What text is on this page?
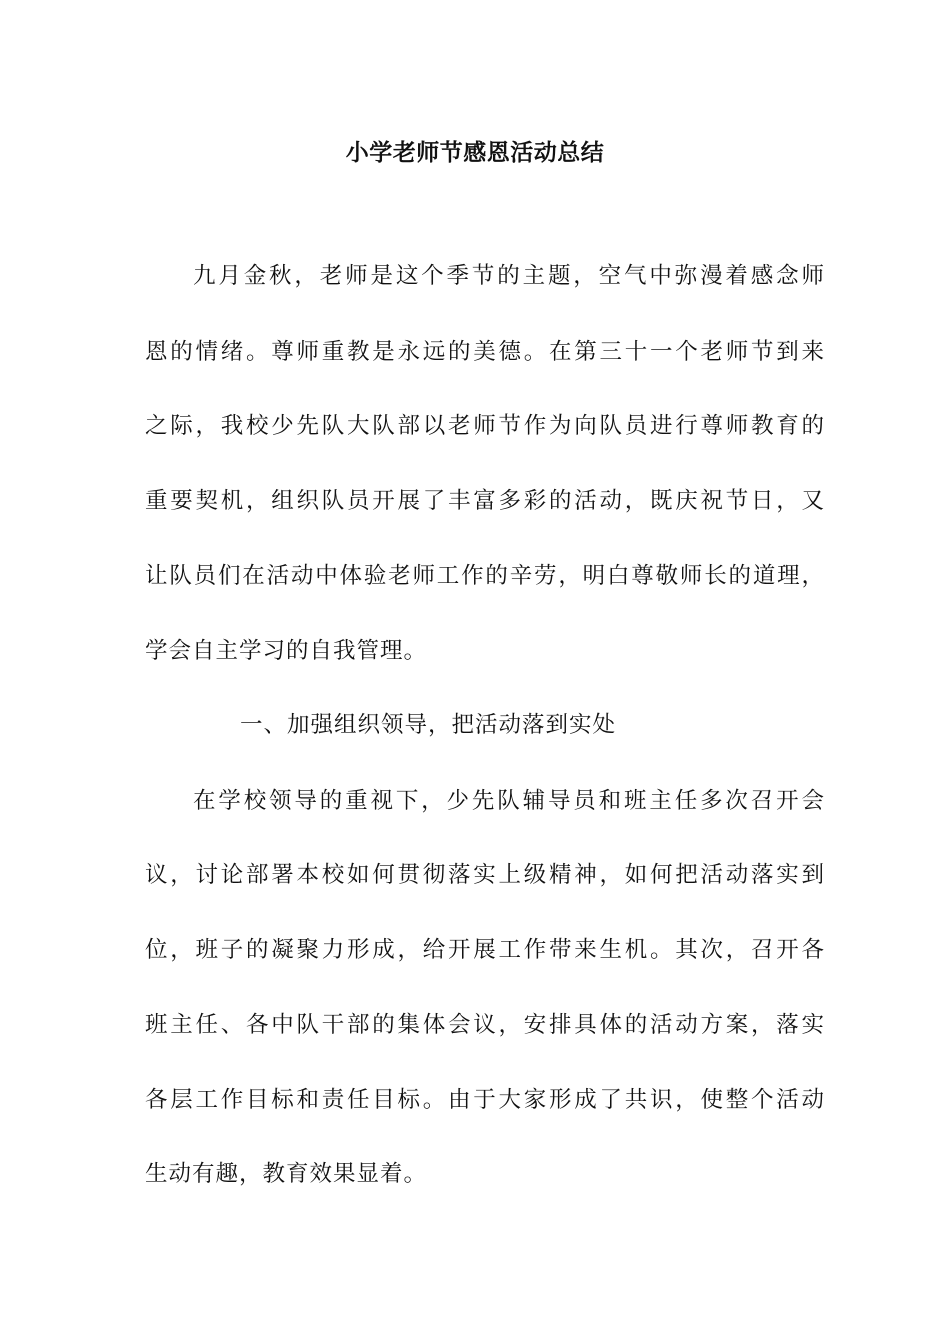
小学老师节感恩活动总结
九月金秋，老师是这个季节的主题，空气中弥漫着感念师
恩的情绪。尊师重教是永远的美德。在第三十一个老师节到来
之际，我校少先队大队部以老师节作为向队员进行尊师教育的
重要契机，组织队员开展了丰富多彩的活动，既庆祝节日，又
让队员们在活动中体验老师工作的辛劳，明白尊敬师长的道理，
学会自主学习的自我管理。
一、加强组织领导，把活动落到实处
在学校领导的重视下，少先队辅导员和班主任多次召开会
议，讨论部署本校如何贯彻落实上级精神，如何把活动落实到
位，班子的凝聚力形成，给开展工作带来生机。其次，召开各
班主任、各中队干部的集体会议，安排具体的活动方案，落实
各层工作目标和责任目标。由于大家形成了共识，使整个活动
生动有趣，教育效果显着。
